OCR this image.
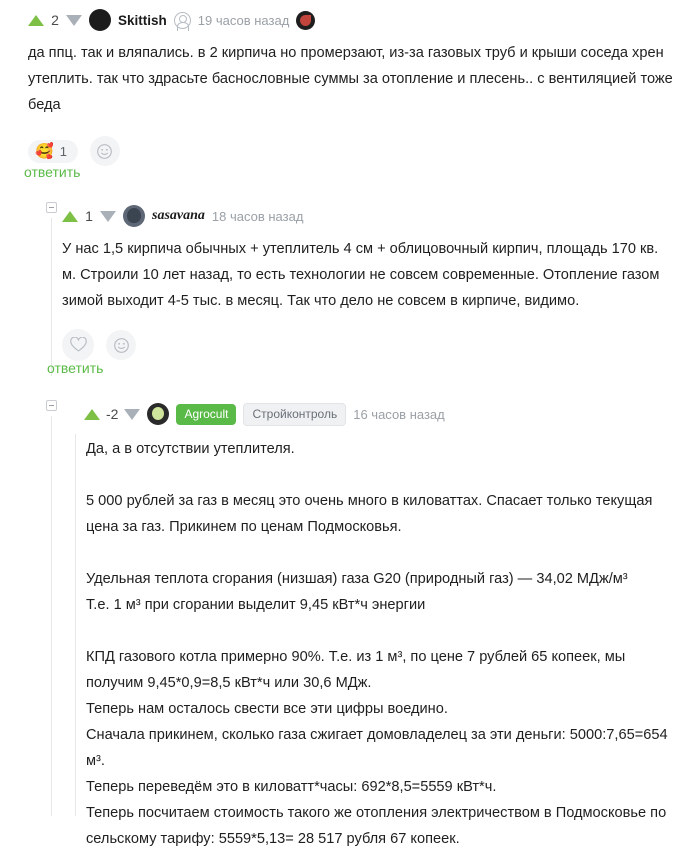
2	Skittish 19 часов назад
да ппц. так и вляпались. в 2 кирпича но промерзают, из-за газовых труб и крыши соседа хрен утеплить. так что здрасьте баснословные суммы за отопление и плесень.. с вентиляцией тоже беда
🥰 1
ответить
1	sasavana 18 часов назад
У нас 1,5 кирпича обычных + утеплитель 4 см + облицовочный кирпич, площадь 170 кв. м. Строили 10 лет назад, то есть технологии не совсем современные. Отопление газом зимой выходит 4-5 тыс. в месяц. Так что дело не совсем в кирпиче, видимо.
ответить
-2	Agrocult	Стройконтроль	16 часов назад
Да, а в отсутствии утеплителя.
5 000 рублей за газ в месяц это очень много в киловаттах. Спасает только текущая цена за газ. Прикинем по ценам Подмосковья.
Удельная теплота сгорания (низшая) газа G20 (природный газ) — 34,02 МДж/м³
Т.е. 1 м³ при сгорании выделит 9,45 кВт*ч энергии
КПД газового котла примерно 90%. Т.е. из 1 м³, по цене 7 рублей 65 копеек, мы получим 9,45*0,9=8,5 кВт*ч или 30,6 МДж.
Теперь нам осталось свести все эти цифры воедино.
Сначала прикинем, сколько газа сжигает домовладелец за эти деньги: 5000:7,65=654 м³.
Теперь переведём это в киловатт*часы: 692*8,5=5559 кВт*ч.
Теперь посчитаем стоимость такого же отопления электричеством в Подмосковье по сельскому тарифу: 5559*5,13= 28 517 рубля 67 копеек.
